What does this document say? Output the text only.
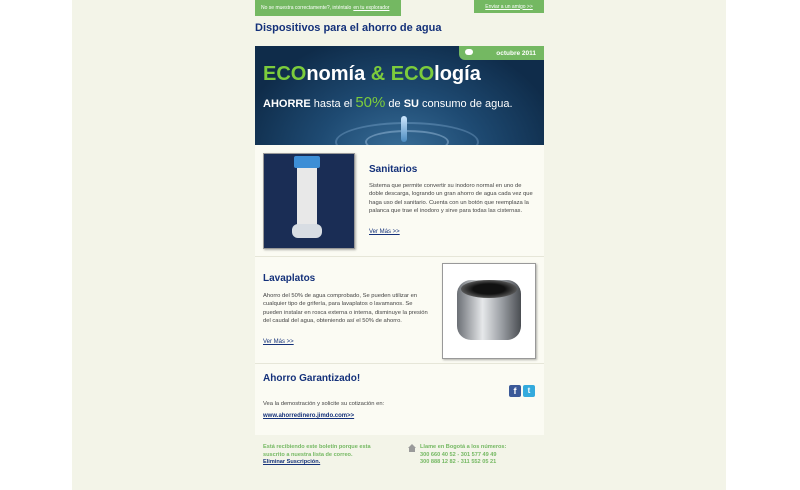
No se muestra correctamente?, inténtalo en tu explorador	Enviar a un amigo >>
Dispositivos para el ahorro de agua
octubre 2011
ECOnomía & ECOlogía
AHORRE hasta el 50% de SU consumo de agua.
Sanitarios
Sistema que permite convertir su inodoro normal en uno de doble descarga, logrando un gran ahorro de agua cada vez que haga uso del sanitario. Cuenta con un botón que reemplaza la palanca que trae el inodoro y sirve para todas las cisternas.
Ver Más >>
Lavaplatos
Ahorro del 50% de agua comprobado, Se pueden utilizar en cualquier tipo de grifería, para lavaplatos o lavamanos. Se pueden instalar en rosca externa o interna, disminuye la presión del caudal del agua, obteniendo así el 50% de ahorro.
Ver Más >>
Ahorro Garantizado!
Vea la demostración y solicite su cotización en:
www.ahorredinero.jimdo.com>>
f	t
Está recibiendo este boletín porque esta
suscrito a nuestra lista de correo.
Eliminar Suscripción.
Llame en Bogotá a los números:
300 660 40 52 - 301 577 49 49
300 888 12 82 - 311 552 05 21
